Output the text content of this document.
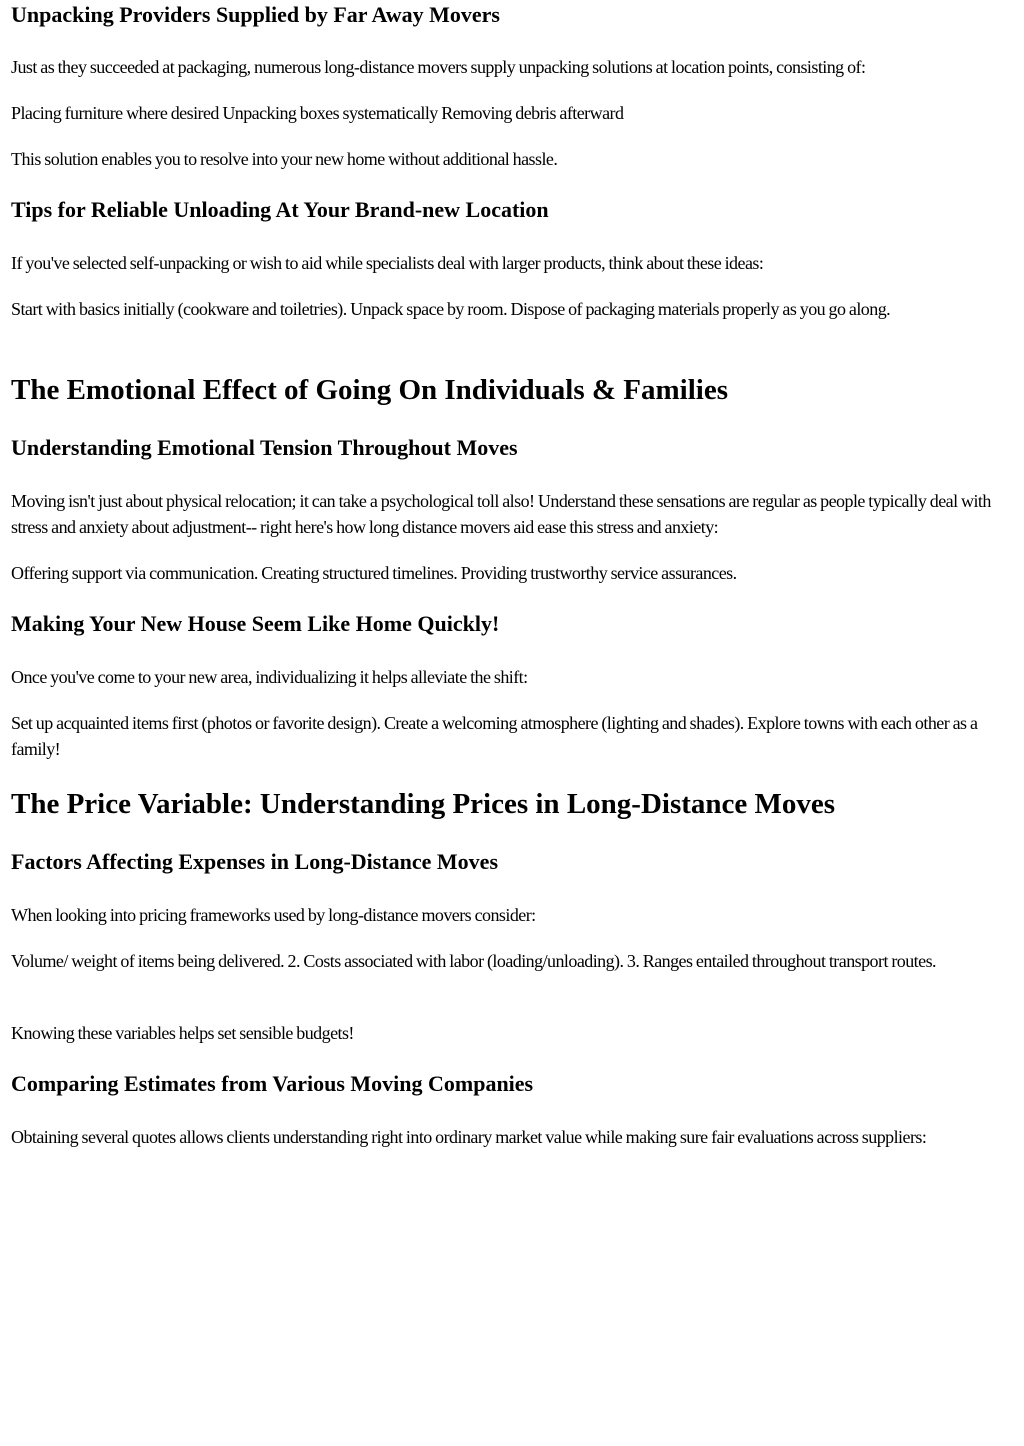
Unpacking Providers Supplied by Far Away Movers

Just as they succeeded at packaging, numerous long-distance movers supply unpacking solutions at location points, consisting of:

Placing furniture where desired Unpacking boxes systematically Removing debris afterward

This solution enables you to resolve into your new home without additional hassle.

Tips for Reliable Unloading At Your Brand-new Location

If you've selected self-unpacking or wish to aid while specialists deal with larger products, think about these ideas:

Start with basics initially (cookware and toiletries). Unpack space by room. Dispose of packaging materials properly as you go along.

The Emotional Effect of Going On Individuals & Families
Understanding Emotional Tension Throughout Moves

Moving isn't just about physical relocation; it can take a psychological toll also! Understand these sensations are regular as people typically deal with stress and anxiety about adjustment-- right here's how long distance movers aid ease this stress and anxiety:

Offering support via communication. Creating structured timelines. Providing trustworthy service assurances.

Making Your New House Seem Like Home Quickly!

Once you've come to your new area, individualizing it helps alleviate the shift:

Set up acquainted items first (photos or favorite design). Create a welcoming atmosphere (lighting and shades). Explore towns with each other as a family!

The Price Variable: Understanding Prices in Long-Distance Moves
Factors Affecting Expenses in Long-Distance Moves

When looking into pricing frameworks used by long-distance movers consider:

Volume/ weight of items being delivered. 2. Costs associated with labor (loading/unloading). 3. Ranges entailed throughout transport routes.

Knowing these variables helps set sensible budgets!

Comparing Estimates from Various Moving Companies

Obtaining several quotes allows clients understanding right into ordinary market value while making sure fair evaluations across suppliers:
